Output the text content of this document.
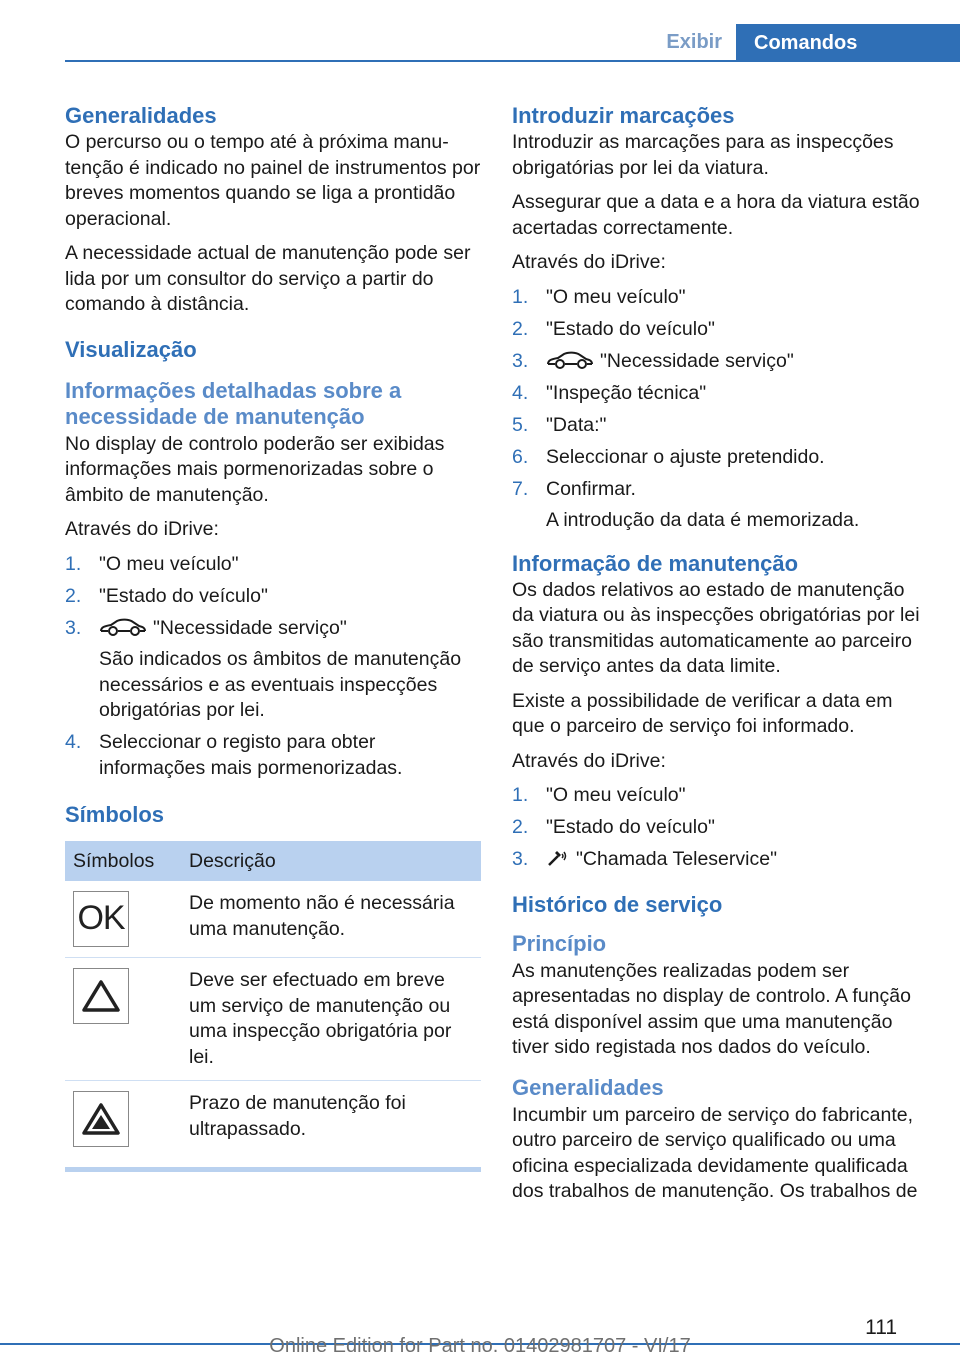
Exibir	Comandos
Generalidades

O percurso ou o tempo até à próxima manutenção é indicado no painel de instrumentos por breves momentos quando se liga a prontidão operacional.

A necessidade actual de manutenção pode ser lida por um consultor do serviço a partir do comando à distância.

Visualização
Informações detalhadas sobre a necessidade de manutenção

No display de controlo poderão ser exibidas informações mais pormenorizadas sobre o âmbito de manutenção.

Através do iDrive:

1. "O meu veículo"
2. "Estado do veículo"
3.	"Necessidade serviço"
São indicados os âmbitos de manutenção necessários e as eventuais inspecções obrigatórias por lei.
4. Seleccionar o registo para obter informações mais pormenorizadas.
Símbolos
Símbolos	Descrição

OK	De momento não é necessária uma manutenção.

	Deve ser efectuado em breve um serviço de manutenção ou uma inspecção obrigatória por lei.

	Prazo de manutenção foi ultrapassado.
Introduzir marcações

Introduzir as marcações para as inspecções obrigatórias por lei da viatura.

Assegurar que a data e a hora da viatura estão acertadas correctamente.

Através do iDrive:

1. "O meu veículo"
2. "Estado do veículo"
3.	"Necessidade serviço"
4. "Inspeção técnica"
5. "Data:"
6. Seleccionar o ajuste pretendido.
7. Confirmar.
A introdução da data é memorizada.
Informação de manutenção

Os dados relativos ao estado de manutenção da viatura ou às inspecções obrigatórias por lei são transmitidas automaticamente ao parceiro de serviço antes da data limite.

Existe a possibilidade de verificar a data em que o parceiro de serviço foi informado.

Através do iDrive:

1. "O meu veículo"
2. "Estado do veículo"
3. "Chamada Teleservice"
Histórico de serviço
Princípio

As manutenções realizadas podem ser apresentadas no display de controlo. A função está disponível assim que uma manutenção tiver sido registada nos dados do veículo.

Generalidades

Incumbir um parceiro de serviço do fabricante, outro parceiro de serviço qualificado ou uma oficina especializada devidamente qualificada dos trabalhos de manutenção. Os trabalhos de

111
Online Edition for Part no. 01402981707 - VI/17
